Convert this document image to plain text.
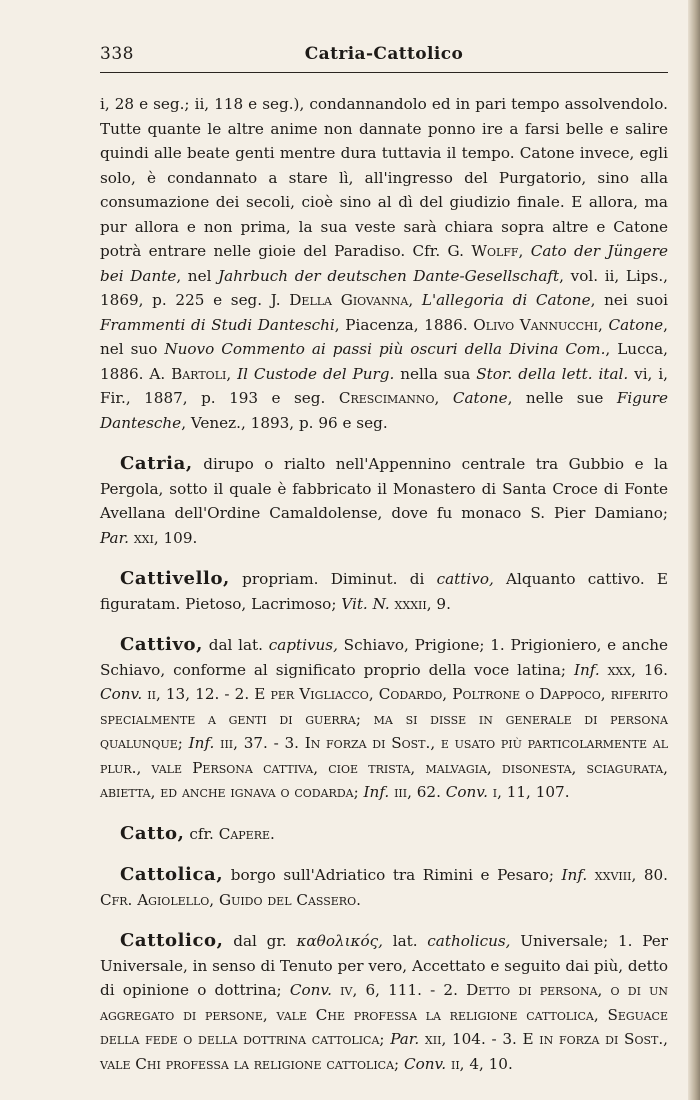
338	Catria-Cattolico

i, 28 e seg.; ii, 118 e seg.), condannandolo ed in pari tempo assolvendolo. Tutte quante le altre anime non dannate ponno ire a farsi belle e salire quindi alle beate genti mentre dura tuttavia il tempo. Catone invece, egli solo, è condannato a stare lì, all'ingresso del Purgatorio, sino alla consumazione dei secoli, cioè sino al dì del giudizio finale. E allora, ma pur allora e non prima, la sua veste sarà chiara sopra altre e Catone potrà entrare nelle gioie del Paradiso. Cfr. G. Wolff, Cato der Jüngere bei Dante, nel Jahrbuch der deutschen Dante-Gesellschaft, vol. ii, Lips., 1869, p. 225 e seg. J. Della Giovanna, L'allegoria di Catone, nei suoi Frammenti di Studi Danteschi, Piacenza, 1886. Olivo Vannucchi, Catone, nel suo Nuovo Commento ai passi più oscuri della Divina Com., Lucca, 1886. A. Bartoli, Il Custode del Purg. nella sua Stor. della lett. ital. vi, i, Fir., 1887, p. 193 e seg. Crescimanno, Catone, nelle sue Figure Dantesche, Venez., 1893, p. 96 e seg.

Catria, dirupo o rialto nell'Appennino centrale tra Gubbio e la Pergola, sotto il quale è fabbricato il Monastero di Santa Croce di Fonte Avellana dell'Ordine Camaldolense, dove fu monaco S. Pier Damiano; Par. xxi, 109.

Cattivello, propriam. Diminut. di cattivo, Alquanto cattivo. E figuratam. Pietoso, Lacrimoso; Vit. N. xxxii, 9.

Cattivo, dal lat. captivus, Schiavo, Prigione; 1. Prigioniero, e anche Schiavo, conforme al significato proprio della voce latina; Inf. xxx, 16. Conv. ii, 13, 12. - 2. E per Vigliacco, Codardo, Poltrone o Dappoco, riferito specialmente a genti di guerra; ma si disse in generale di persona qualunque; Inf. iii, 37. - 3. In forza di Sost., e usato più particolarmente al plur., vale Persona cattiva, cioe trista, malvagia, disonesta, sciagurata, abietta, ed anche ignava o codarda; Inf. iii, 62. Conv. i, 11, 107.

Catto, cfr. Capere.

Cattolica, borgo sull'Adriatico tra Rimini e Pesaro; Inf. xxviii, 80. Cfr. Agiolello, Guido del Cassero.

Cattolico, dal gr. καθολικός, lat. catholicus, Universale; 1. Per Universale, in senso di Tenuto per vero, Accettato e seguito dai più, detto di opinione o dottrina; Conv. iv, 6, 111. - 2. Detto di persona, o di un aggregato di persone, vale Che professa la religione cattolica, Seguace della fede o della dottrina cattolica; Par. xii, 104. - 3. E in forza di Sost., vale Chi professa la religione cattolica; Conv. ii, 4, 10.
